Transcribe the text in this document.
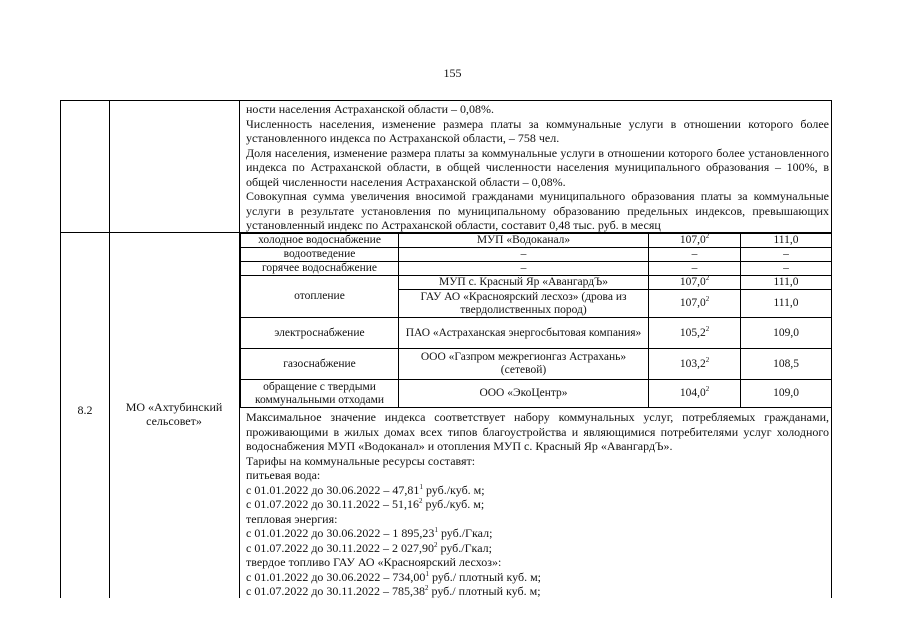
155

ности населения Астраханской области – 0,08%.

Численность населения, изменение размера платы за коммунальные услуги в отношении которого более установленного индекса по Астраханской области, – 758 чел.

Доля населения, изменение размера платы за коммунальные услуги в отношении которого более установленного индекса по Астраханской области, в общей численности населения муниципального образования – 100%, в общей численности населения Астраханской области – 0,08%.

Совокупная сумма увеличения вносимой гражданами муниципального образования платы за коммунальные услуги в результате установления по муниципальному образованию предельных индексов, превышающих установленный индекс по Астраханской области, составит 0,48 тыс. руб. в месяц

8.2	МО «Ахтубинский сельсовет»
холодное водоснабжение	МУП «Водоканал»	107,0$^2$	111,0
водоотведение	–	–	–
горячее водоснабжение	–	–	–
отопление	МУП с. Красный Яр «АвангардЪ»	107,0$^2$	111,0
	ГАУ АО «Красноярский лесхоз» (дрова из твердолиственных пород)	107,0$^2$	111,0
электроснабжение	ПАО «Астраханская энергосбытовая компания»	105,2$^2$	109,0
газоснабжение	ООО «Газпром межрегионгаз Астрахань» (сетевой)	103,2$^2$	108,5
обращение с твердыми коммунальными отходами	ООО «ЭкоЦентр»	104,0$^2$	109,0

Максимальное значение индекса соответствует набору коммунальных услуг, потребляемых гражданами, проживающими в жилых домах всех типов благоустройства и являющимися потребителями услуг холодного водоснабжения МУП «Водоканал» и отопления МУП с. Красный Яр «АвангардЪ».

Тарифы на коммунальные ресурсы составят:

питьевая вода:

с 01.01.2022 до 30.06.2022 – 47,81$^1$ руб./куб. м;

с 01.07.2022 до 30.11.2022 – 51,16$^2$ руб./куб. м;

тепловая энергия:

с 01.01.2022 до 30.06.2022 – 1 895,23$^1$ руб./Гкал;

с 01.07.2022 до 30.11.2022 – 2 027,90$^2$ руб./Гкал;

твердое топливо ГАУ АО «Красноярский лесхоз»:

с 01.01.2022 до 30.06.2022 – 734,00$^1$ руб./ плотный куб. м;

с 01.07.2022 до 30.11.2022 – 785,38$^2$ руб./ плотный куб. м;
